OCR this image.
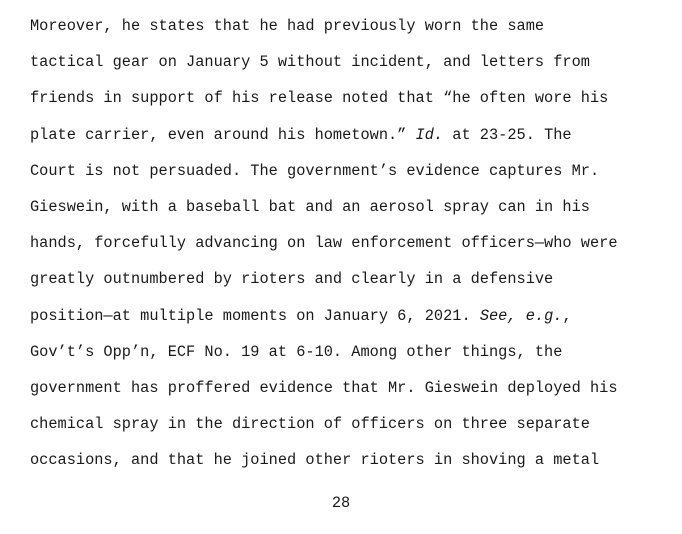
Moreover, he states that he had previously worn the same
tactical gear on January 5 without incident, and letters from
friends in support of his release noted that “he often wore his
plate carrier, even around his hometown.” Id. at 23-25. The
Court is not persuaded. The government’s evidence captures Mr.
Gieswein, with a baseball bat and an aerosol spray can in his
hands, forcefully advancing on law enforcement officers—who were
greatly outnumbered by rioters and clearly in a defensive
position—at multiple moments on January 6, 2021. See, e.g.,
Gov’t’s Opp’n, ECF No. 19 at 6-10. Among other things, the
government has proffered evidence that Mr. Gieswein deployed his
chemical spray in the direction of officers on three separate
occasions, and that he joined other rioters in shoving a metal
28
